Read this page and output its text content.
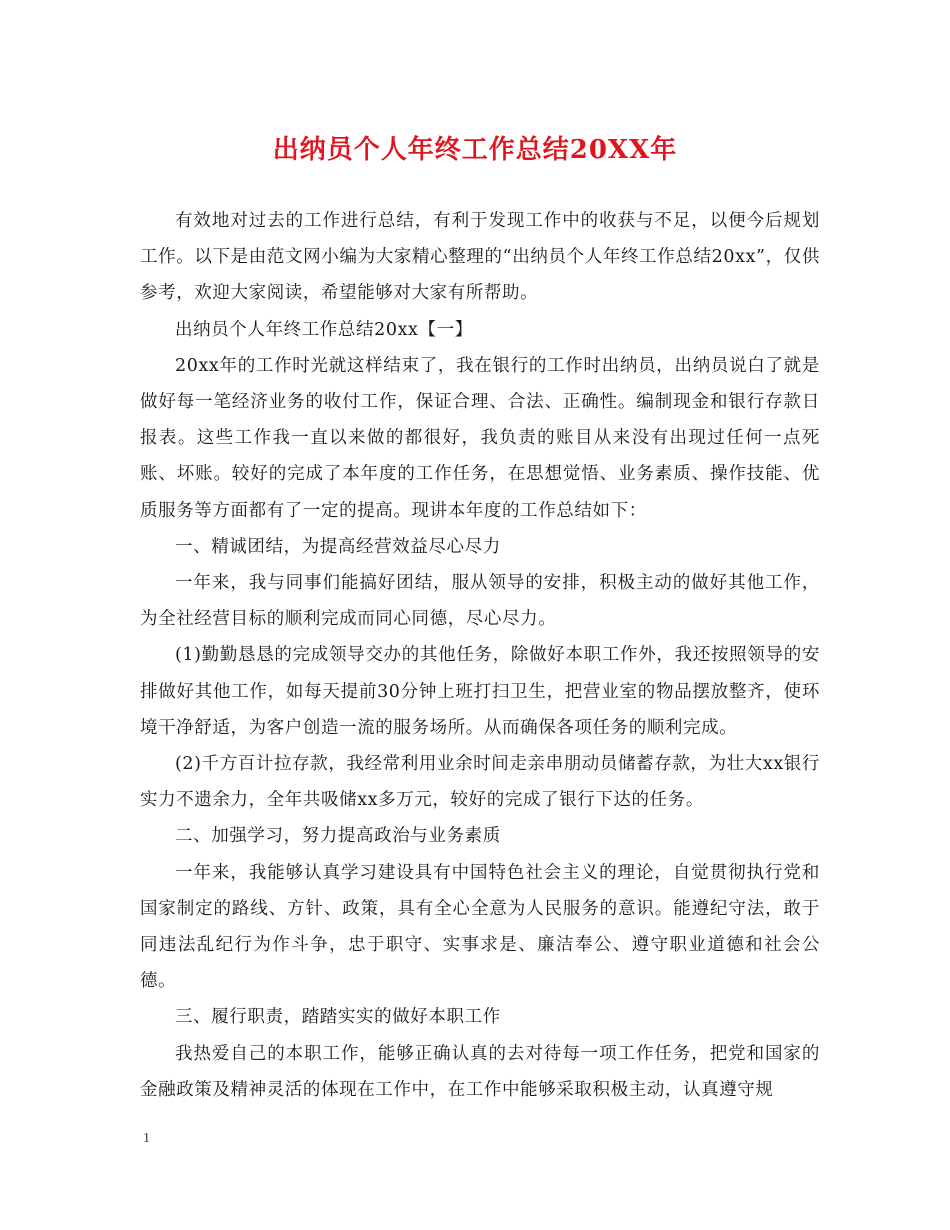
出纳员个人年终工作总结20XX年

有效地对过去的工作进行总结，有利于发现工作中的收获与不足，以便今后规划工作。以下是由范文网小编为大家精心整理的“出纳员个人年终工作总结20xx”，仅供参考，欢迎大家阅读，希望能够对大家有所帮助。

出纳员个人年终工作总结20xx【一】

20xx年的工作时光就这样结束了，我在银行的工作时出纳员，出纳员说白了就是做好每一笔经济业务的收付工作，保证合理、合法、正确性。编制现金和银行存款日报表。这些工作我一直以来做的都很好，我负责的账目从来没有出现过任何一点死账、坏账。较好的完成了本年度的工作任务，在思想觉悟、业务素质、操作技能、优质服务等方面都有了一定的提高。现讲本年度的工作总结如下：

一、精诚团结，为提高经营效益尽心尽力

一年来，我与同事们能搞好团结，服从领导的安排，积极主动的做好其他工作，为全社经营目标的顺利完成而同心同德，尽心尽力。

(1)勤勤恳恳的完成领导交办的其他任务，除做好本职工作外，我还按照领导的安排做好其他工作，如每天提前30分钟上班打扫卫生，把营业室的物品摆放整齐，使环境干净舒适，为客户创造一流的服务场所。从而确保各项任务的顺利完成。

(2)千方百计拉存款，我经常利用业余时间走亲串朋动员储蓄存款，为壮大xx银行实力不遗余力，全年共吸储xx多万元，较好的完成了银行下达的任务。

二、加强学习，努力提高政治与业务素质

一年来，我能够认真学习建设具有中国特色社会主义的理论，自觉贯彻执行党和国家制定的路线、方针、政策，具有全心全意为人民服务的意识。能遵纪守法，敢于同违法乱纪行为作斗争，忠于职守、实事求是、廉洁奉公、遵守职业道德和社会公德。

三、履行职责，踏踏实实的做好本职工作

我热爱自己的本职工作，能够正确认真的去对待每一项工作任务，把党和国家的金融政策及精神灵活的体现在工作中，在工作中能够采取积极主动，认真遵守规

1
